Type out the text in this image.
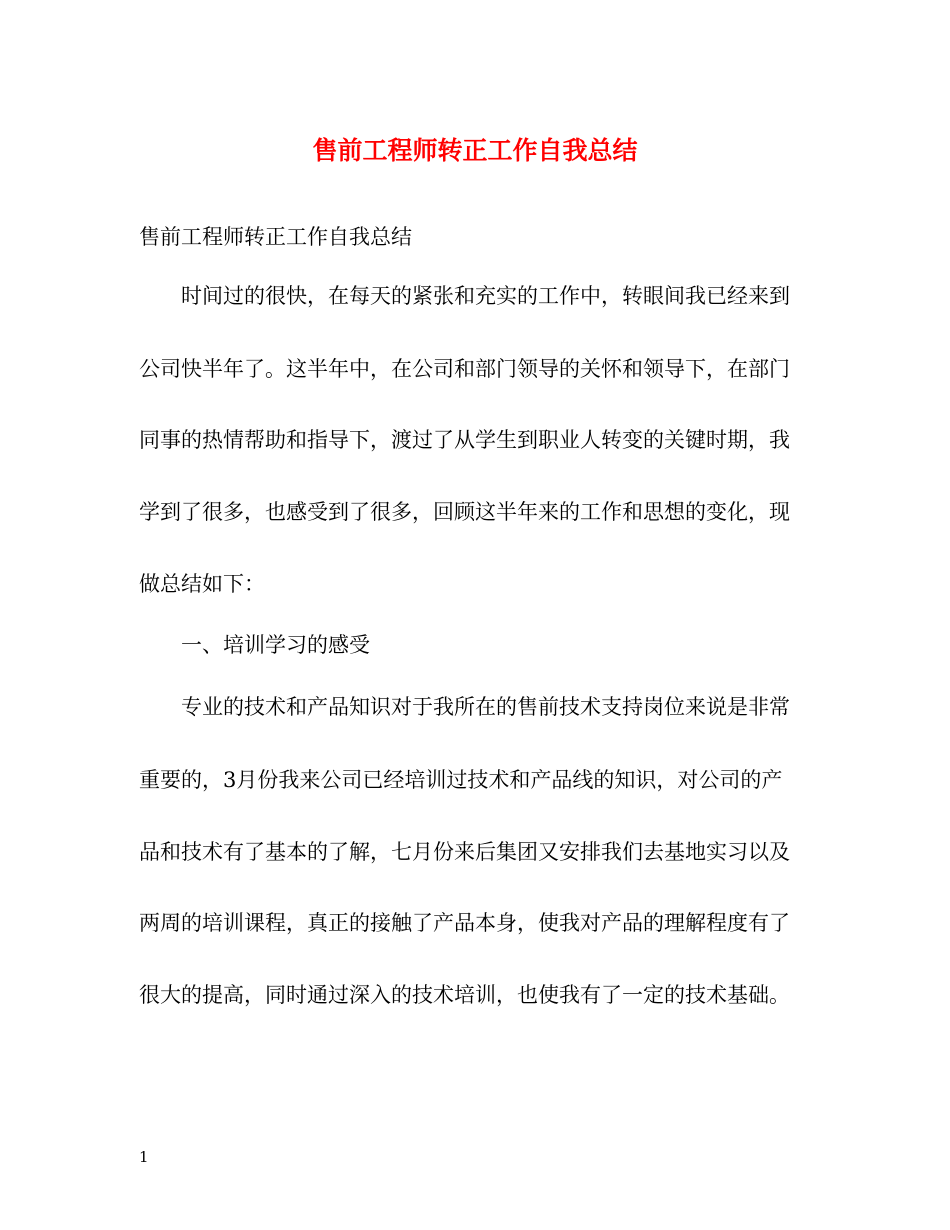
售前工程师转正工作自我总结
售前工程师转正工作自我总结
时间过的很快，在每天的紧张和充实的工作中，转眼间我已经来到
公司快半年了。这半年中，在公司和部门领导的关怀和领导下，在部门
同事的热情帮助和指导下，渡过了从学生到职业人转变的关键时期，我
学到了很多，也感受到了很多，回顾这半年来的工作和思想的变化，现
做总结如下：
一、培训学习的感受
专业的技术和产品知识对于我所在的售前技术支持岗位来说是非常
重要的，3月份我来公司已经培训过技术和产品线的知识，对公司的产
品和技术有了基本的了解，七月份来后集团又安排我们去基地实习以及
两周的培训课程，真正的接触了产品本身，使我对产品的理解程度有了
很大的提高，同时通过深入的技术培训，也使我有了一定的技术基础。
1
